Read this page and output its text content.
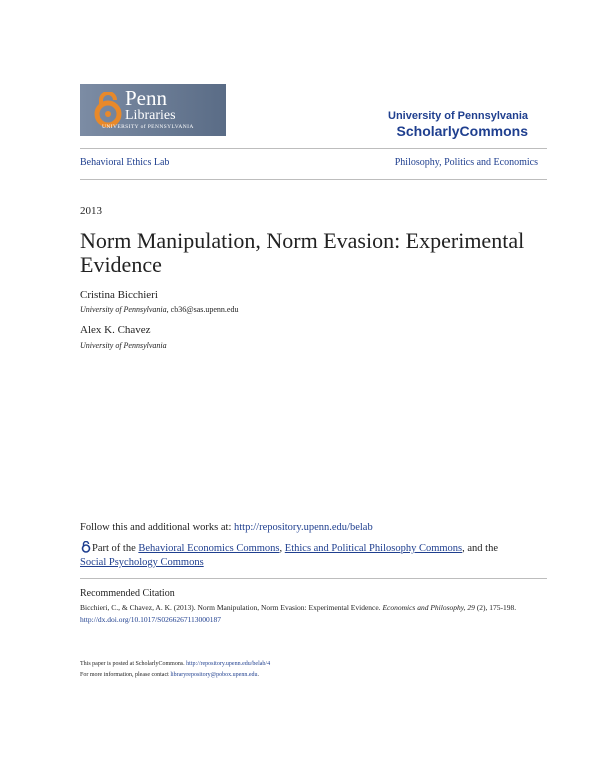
Penn
Libraries
UNIVERSITY of PENNSYLVANIA
University of Pennsylvania
ScholarlyCommons
Behavioral Ethics Lab	Philosophy, Politics and Economics
2013
Norm Manipulation, Norm Evasion: Experimental Evidence
Cristina Bicchieri
University of Pennsylvania, cb36@sas.upenn.edu
Alex K. Chavez
University of Pennsylvania
Follow this and additional works at: http://repository.upenn.edu/belab
Part of the Behavioral Economics Commons, Ethics and Political Philosophy Commons, and the
Social Psychology Commons
Recommended Citation
Bicchieri, C., & Chavez, A. K. (2013). Norm Manipulation, Norm Evasion: Experimental Evidence. Economics and Philosophy, 29 (2), 175-198. http://dx.doi.org/10.1017/S0266267113000187
This paper is posted at ScholarlyCommons. http://repository.upenn.edu/belab/4
For more information, please contact libraryrepository@pobox.upenn.edu.
